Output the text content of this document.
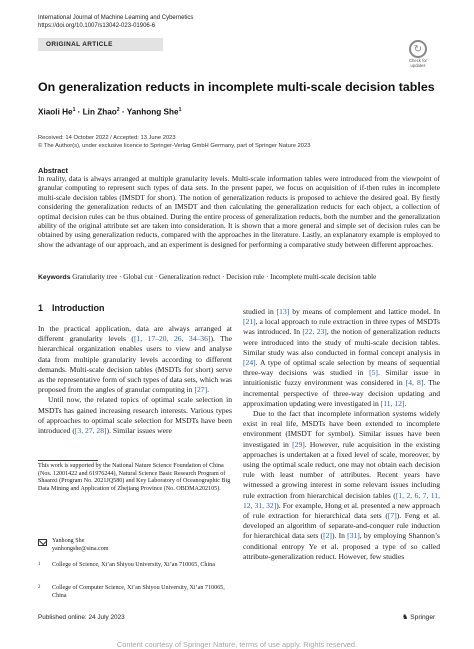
International Journal of Machine Learning and Cybernetics
https://doi.org/10.1007/s13042-023-01906-6
ORIGINAL ARTICLE	↻
Check for
updates
On generalization reducts in incomplete multi-scale decision tables
Xiaoli $He^1$ · Lin Zhao$^2$ · Yanhong She$^1$
Received: 14 October 2022 / Accepted: 13 June 2023
© The Author(s), under exclusive licence to Springer-Verlag GmbH Germany, part of Springer Nature 2023
Abstract

In reality, data is always arranged at multiple granularity levels. Multi-scale information tables were introduced from the viewpoint of granular computing to represent such types of data sets. In the present paper, we focus on acquisition of if-then rules in incomplete multi-scale decision tables (IMSDT for short). The notion of generalization reducts is proposed to achieve the desired goal. By firstly considering the generalization reducts of an IMSDT and then calculating the generalization reducts for each object, a collection of optimal decision rules can be thus obtained. During the entire process of generalization reducts, both the number and the generalization ability of the original attribute set are taken into consideration. It is shown that a more general and simple set of decision rules can be obtained by using generalization reducts, compared with the approaches in the literature. Lastly, an explanatory example is employed to show the advantage of our approach, and an experiment is designed for performing a comparative study between different approaches.

Keywords Granularity tree · Global cut · Generalization reduct · Decision rule · Incomplete multi-scale decision table

1 Introduction

In the practical application, data are always arranged at different granularity levels ([1, 17–20, 26, 34–36]). The hierarchical organization enables users to view and analyse data from multiple granularity levels according to different demands. Multi-scale decision tables (MSDTs for short) serve as the representative form of such types of data sets, which was proposed from the angles of granular computing in [27].

Until now, the related topics of optimal scale selection in MSDTs has gained increasing research interests. Various types of approaches to optimal scale selection for MSDTs have been introduced ([3, 27, 28]). Similar issues were

studied in [13] by means of complement and lattice model. In [21], a local approach to rule extraction in three types of MSDTs was introduced. In [22, 23], the notion of generalization reducts were introduced into the study of multi-scale decision tables. Similar study was also conducted in formal concept analysis in [24]. A type of optimal scale selection by means of sequential three-way decisions was studied in [5]. Similar issue in intuitionistic fuzzy environment was considered in [4, 8]. The incremental perspective of three-way decision updating and approximation updating were investigated in [11, 12].

Due to the fact that incomplete information systems widely exist in real life, MSDTs have been extended to incomplete environment (IMSDT for symbol). Similar issues have been investigated in [29]. However, rule acquisition in the existing approaches is undertaken at a fixed level of scale, moreover, by using the optimal scale reduct, one may not obtain each decision rule with least number of attributes. Recent years have witnessed a growing interest in some relevant issues including rule extraction from hierarchical decision tables ([1, 2, 6, 7, 11, 12, 31, 32]). For example, Hong et al. presented a new approach of rule extraction for hierarchical data sets ([7]). Feng et al. developed an algorithm of separate-and-conquer rule induction for hierarchical data sets ([2]). In [31], by employing Shannon’s conditional entropy Ye et al. proposed a type of so called attribute-generalization reduct. However, few studies

This work is supported by the National Nature Science Foundation of China (Nos. 12001422 and 61976244), Natural Science Basic Research Program of Shaanxi (Program No. 2021JQ580) and Key Laboratory of Oceanographic Big Data Mining and Application of Zhejiang Province (No. OBDMA202105).

Yanhong She
yanhongshe@sina.com
1 College of Science, Xi’an Shiyou University, Xi’an 710065, China
2 College of Computer Science, Xi’an Shiyou University, Xi’an 710065, China
Published online: 24 July 2023	♞ Springer
Content courtesy of Springer Nature, terms of use apply. Rights reserved.
